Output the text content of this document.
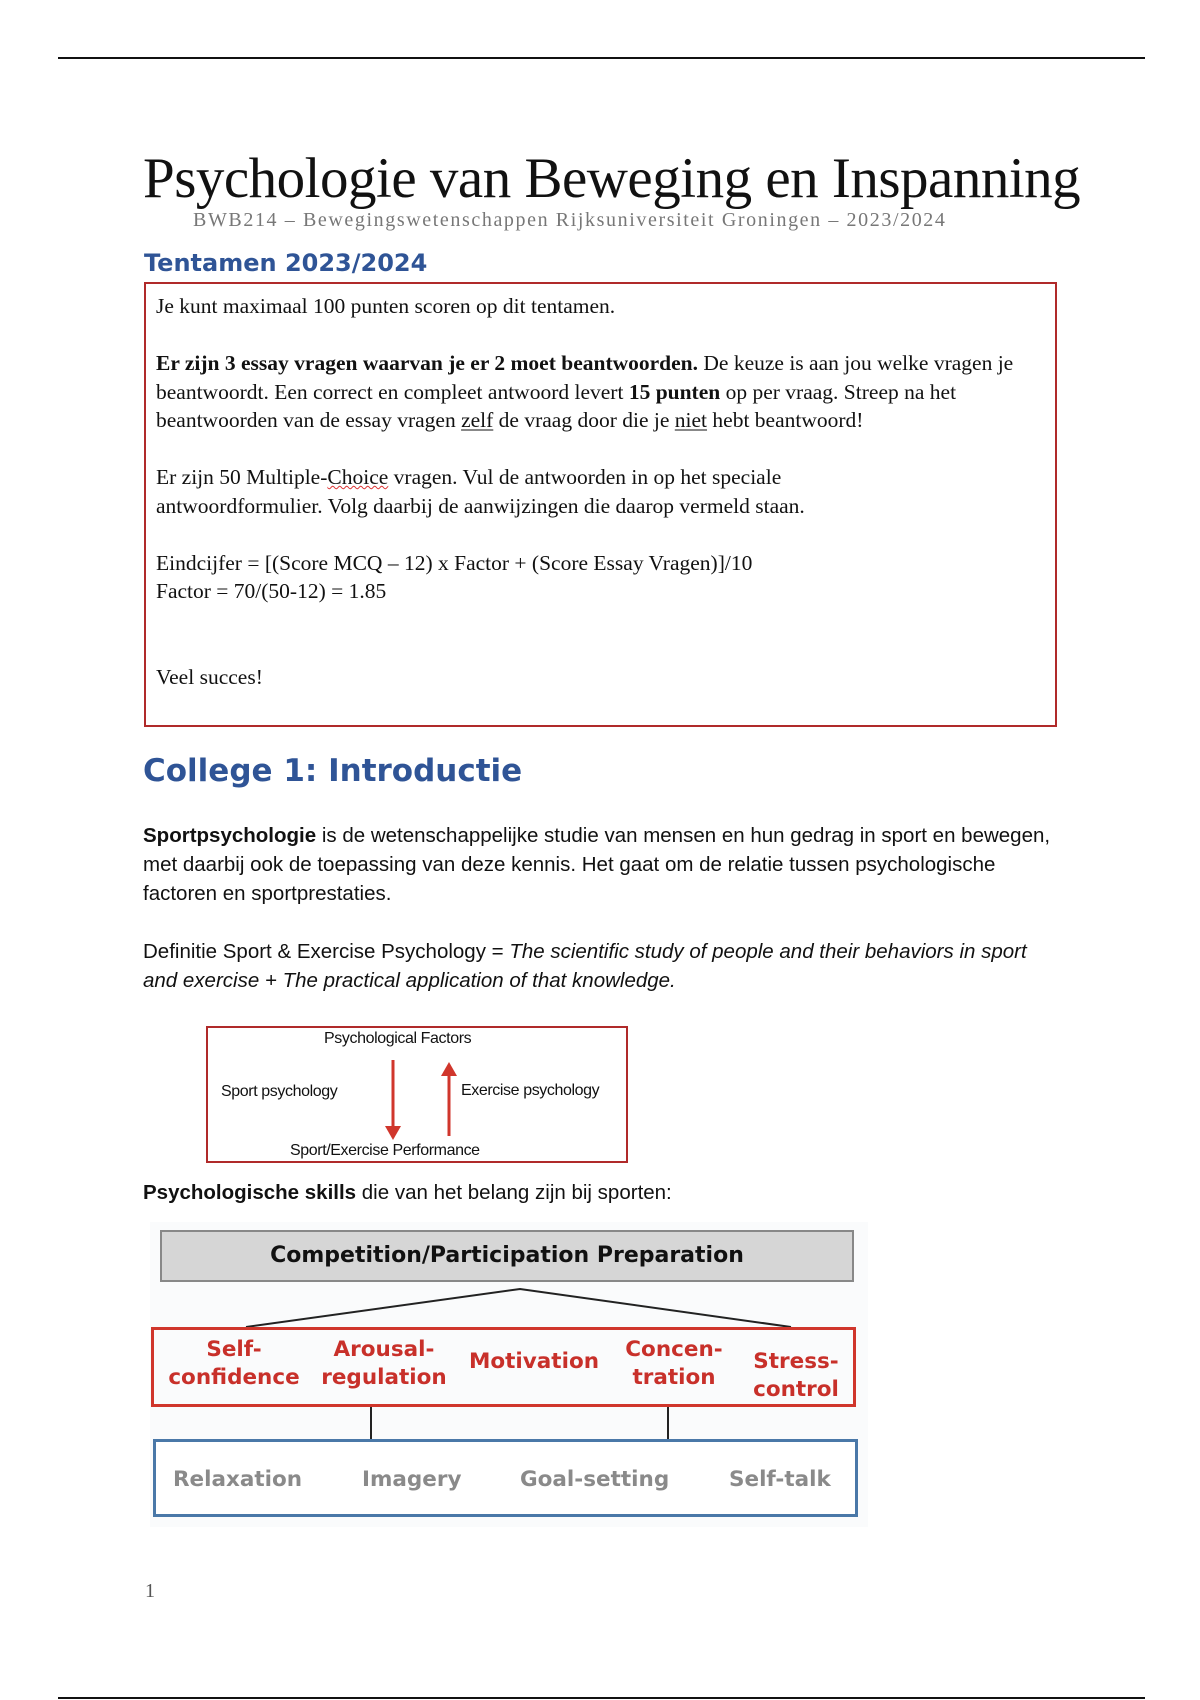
Psychologie van Beweging en Inspanning
BWB214 – Bewegingswetenschappen Rijksuniversiteit Groningen – 2023/2024
Tentamen 2023/2024

Je kunt maximaal 100 punten scoren op dit tentamen.

Er zijn 3 essay vragen waarvan je er 2 moet beantwoorden. De keuze is aan jou welke vragen je beantwoordt. Een correct en compleet antwoord levert 15 punten op per vraag. Streep na het beantwoorden van de essay vragen zelf de vraag door die je niet hebt beantwoord!

Er zijn 50 Multiple-Choice vragen. Vul de antwoorden in op het speciale antwoordformulier. Volg daarbij de aanwijzingen die daarop vermeld staan.

Eindcijfer = [(Score MCQ – 12) x Factor + (Score Essay Vragen)]/10
Factor = 70/(50-12) = 1.85
Veel succes!
College 1: Introductie
Sportpsychologie is de wetenschappelijke studie van mensen en hun gedrag in sport en bewegen, met daarbij ook de toepassing van deze kennis. Het gaat om de relatie tussen psychologische factoren en sportprestaties.
Definitie Sport & Exercise Psychology = The scientific study of people and their behaviors in sport and exercise + The practical application of that knowledge.
Psychological Factors
Sport psychology	Exercise psychology
Sport/Exercise Performance
Psychologische skills die van het belang zijn bij sporten:
Competition/Participation Preparation
Self-
confidence
Arousal-
regulation
Motivation	Concen-
tration
Stress-
control
Relaxation	Imagery	Goal-setting	Self-talk
1
